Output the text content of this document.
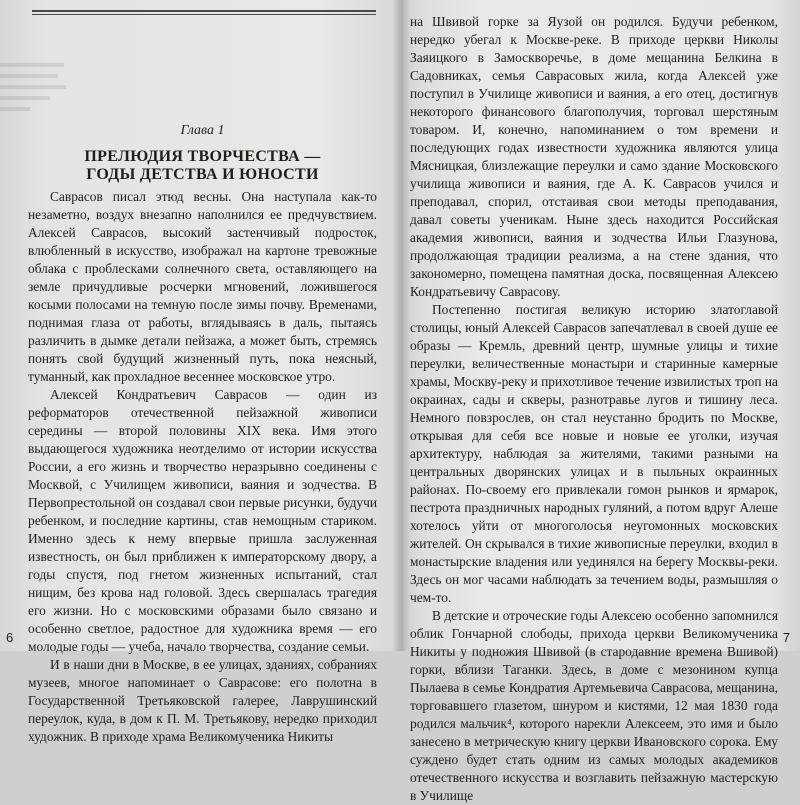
Глава 1
ПРЕЛЮДИЯ ТВОРЧЕСТВА —
ГОДЫ ДЕТСТВА И ЮНОСТИ

Саврасов писал этюд весны. Она наступала как-то незаметно, воздух внезапно наполнился ее предчувствием. Алексей Саврасов, высокий застенчивый подросток, влюбленный в искусство, изображал на картоне тревожные облака с проблесками солнечного света, оставляющего на земле причудливые росчерки мгновений, ложившегося косыми полосами на темную после зимы почву. Временами, поднимая глаза от работы, вглядываясь в даль, пытаясь различить в дымке детали пейзажа, а может быть, стремясь понять свой будущий жизненный путь, пока неясный, туманный, как прохладное весеннее московское утро.

Алексей Кондратьевич Саврасов — один из реформаторов отечественной пейзажной живописи середины — второй половины XIX века. Имя этого выдающегося художника неотделимо от истории искусства России, а его жизнь и творчество неразрывно соединены с Москвой, с Училищем живописи, ваяния и зодчества. В Первопрестольной он создавал свои первые рисунки, будучи ребенком, и последние картины, став немощным стариком. Именно здесь к нему впервые пришла заслуженная известность, он был приближен к императорскому двору, а годы спустя, под гнетом жизненных испытаний, стал нищим, без крова над головой. Здесь свершалась трагедия его жизни. Но с московскими образами было связано и особенно светлое, радостное для художника время — его молодые годы — учеба, начало творчества, создание семьи.

И в наши дни в Москве, в ее улицах, зданиях, собраниях музеев, многое напоминает о Саврасове: его полотна в Государственной Третьяковской галерее, Лаврушинский переулок, куда, в дом к П. М. Третьякову, нередко приходил художник. В приходе храма Великомученика Никиты

6

на Швивой горке за Яузой он родился. Будучи ребенком, нередко убегал к Москве-реке. В приходе церкви Николы Заяицкого в Замоскворечье, в доме мещанина Белкина в Садовниках, семья Саврасовых жила, когда Алексей уже поступил в Училище живописи и ваяния, а его отец, достигнув некоторого финансового благополучия, торговал шерстяным товаром. И, конечно, напоминанием о том времени и последующих годах известности художника являются улица Мясницкая, близлежащие переулки и само здание Московского училища живописи и ваяния, где А. К. Саврасов учился и преподавал, спорил, отстаивая свои методы преподавания, давал советы ученикам. Ныне здесь находится Российская академия живописи, ваяния и зодчества Ильи Глазунова, продолжающая традиции реализма, а на стене здания, что закономерно, помещена памятная доска, посвященная Алексею Кондратьевичу Саврасову.

Постепенно постигая великую историю златоглавой столицы, юный Алексей Саврасов запечатлевал в своей душе ее образы — Кремль, древний центр, шумные улицы и тихие переулки, величественные монастыри и старинные камерные храмы, Москву-реку и прихотливое течение извилистых троп на окраинах, сады и скверы, разнотравье лугов и тишину леса. Немного повзрослев, он стал неустанно бродить по Москве, открывая для себя все новые и новые ее уголки, изучая архитектуру, наблюдая за жителями, такими разными на центральных дворянских улицах и в пыльных окраинных районах. По-своему его привлекали гомон рынков и ярмарок, пестрота праздничных народных гуляний, а потом вдруг Алеше хотелось уйти от многоголосья неугомонных московских жителей. Он скрывался в тихие живописные переулки, входил в монастырские владения или уединялся на берегу Москвы-реки. Здесь он мог часами наблюдать за течением воды, размышляя о чем-то.

В детские и отроческие годы Алексею особенно запомнился облик Гончарной слободы, прихода церкви Великомученика Никиты у подножия Швивой (в стародавние времена Вшивой) горки, вблизи Таганки. Здесь, в доме с мезонином купца Пылаева в семье Кондратия Артемьевича Саврасова, мещанина, торговавшего глазетом, шнуром и кистями, 12 мая 1830 года родился мальчик⁴, которого нарекли Алексеем, это имя и было занесено в метрическую книгу церкви Ивановского сорока. Ему суждено будет стать одним из самых молодых академиков отечественного искусства и возглавить пейзажную мастерскую в Училище

7
